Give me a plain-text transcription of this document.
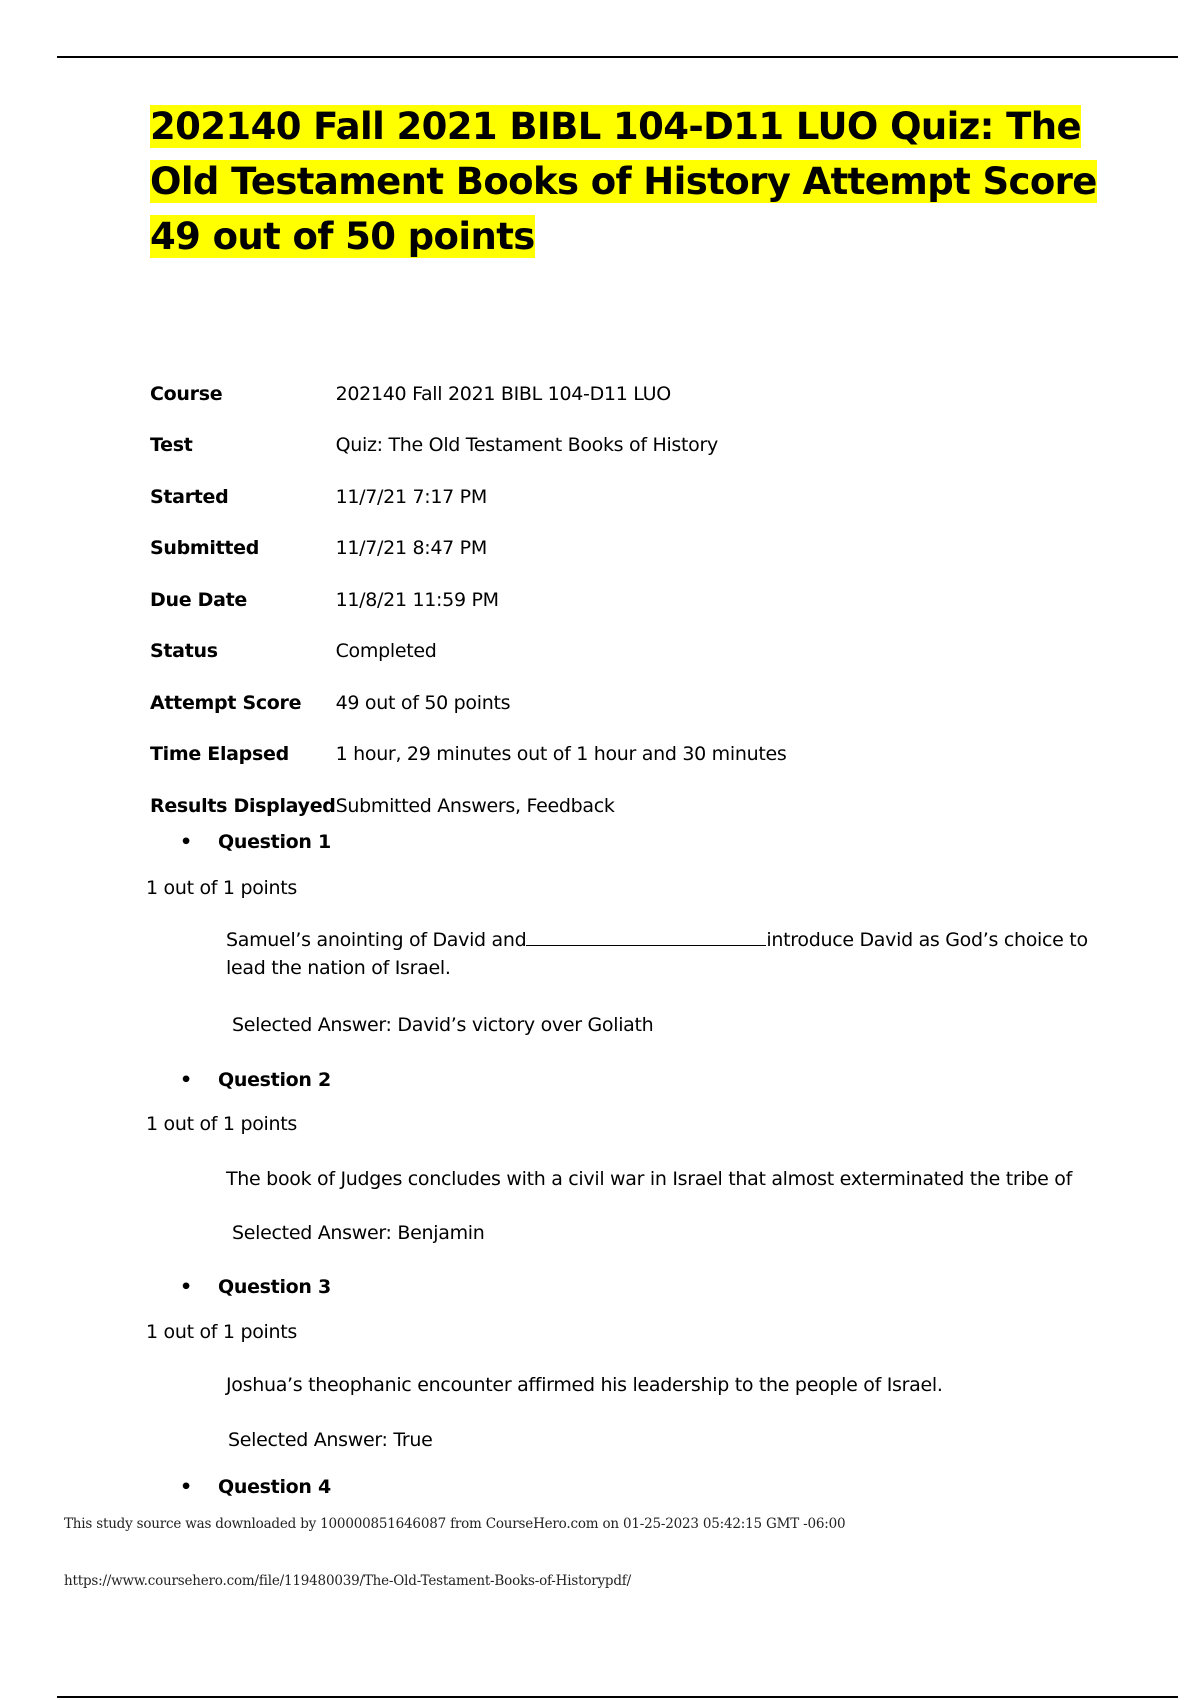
202140 Fall 2021 BIBL 104-D11 LUO Quiz: The Old Testament Books of History Attempt Score 49 out of 50 points
Course	202140 Fall 2021 BIBL 104-D11 LUO
Test	Quiz: The Old Testament Books of History
Started	11/7/21 7:17 PM
Submitted	11/7/21 8:47 PM
Due Date	11/8/21 11:59 PM
Status	Completed
Attempt Score	49 out of 50 points
Time Elapsed	1 hour, 29 minutes out of 1 hour and 30 minutes
Results Displayed	Submitted Answers, Feedback
• Question 1
1 out of 1 points
Samuel’s anointing of David and	introduce David as God’s choice to lead the nation of Israel.
Selected Answer: David’s victory over Goliath
• Question 2
1 out of 1 points
The book of Judges concludes with a civil war in Israel that almost exterminated the tribe of
Selected Answer: Benjamin
• Question 3
1 out of 1 points
Joshua’s theophanic encounter affirmed his leadership to the people of Israel.
Selected Answer: True
• Question 4
This study source was downloaded by 100000851646087 from CourseHero.com on 01-25-2023 05:42:15 GMT -06:00
https://www.coursehero.com/file/119480039/The-Old-Testament-Books-of-Historypdf/
